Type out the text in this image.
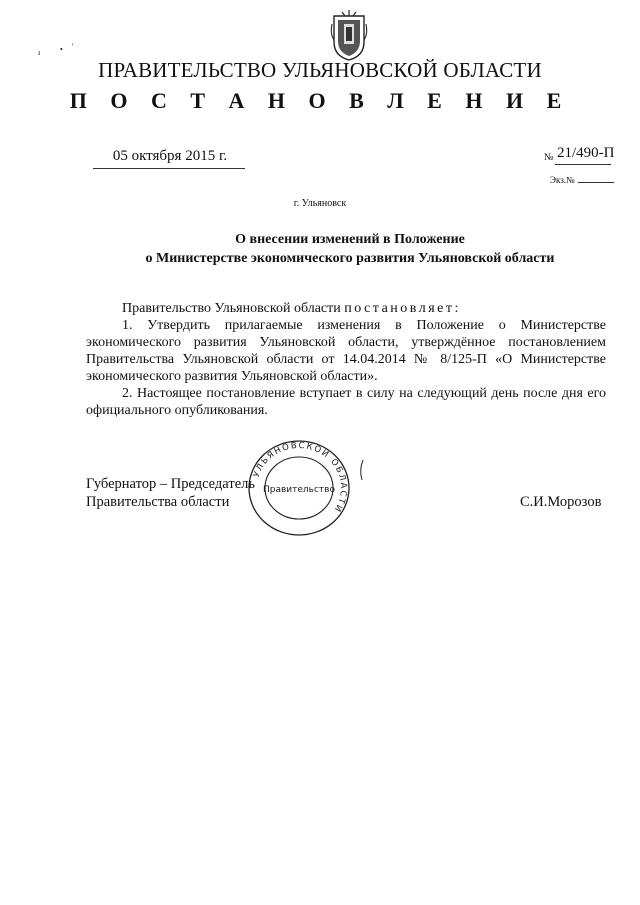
ı • '
ПРАВИТЕЛЬСТВО УЛЬЯНОВСКОЙ ОБЛАСТИ
П О С Т А Н О В Л Е Н И Е
05 октября 2015 г.	№ 21/490-П
Экз.№
г. Ульяновск
О внесении изменений в Положение
о Министерстве экономического развития Ульяновской области

Правительство Ульяновской области постановляет:

1. Утвердить прилагаемые изменения в Положение о Министерстве экономического развития Ульяновской области, утверждённое постановлением Правительства Ульяновской области от 14.04.2014 № 8/125-П «О Министерстве экономического развития Ульяновской области».

2. Настоящее постановление вступает в силу на следующий день после дня его официального опубликования.

Губернатор – Председатель
Правительства области	С.И.Морозов
УЛЬЯНОВСКОЙ ОБЛАСТИ
Правительство
